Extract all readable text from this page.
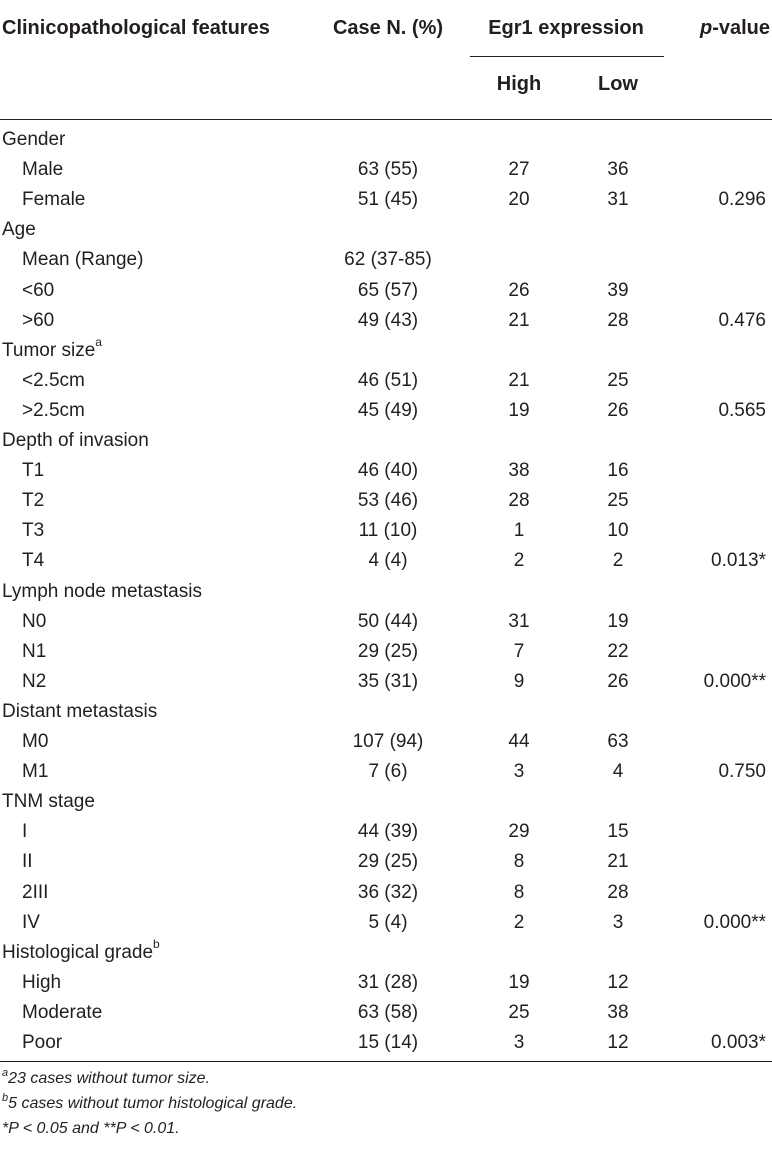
Clinicopathological features	Case N. (%)	Egr1 expression	p-value
High	Low
Gender
Male	63 (55)	27	36
Female	51 (45)	20	31	0.296
Age
Mean (Range)	62 (37-85)
<60	65 (57)	26	39
>60	49 (43)	21	28	0.476
Tumor size$^a$
<2.5cm	46 (51)	21	25
>2.5cm	45 (49)	19	26	0.565
Depth of invasion
T1	46 (40)	38	16
T2	53 (46)	28	25
T3	11 (10)	1	10
T4	4 (4)	2	2	0.013*
Lymph node metastasis
N0	50 (44)	31	19
N1	29 (25)	7	22
N2	35 (31)	9	26	0.000**
Distant metastasis
M0	107 (94)	44	63
M1	7 (6)	3	4	0.750
TNM stage
I	44 (39)	29	15
II	29 (25)	8	21
2III	36 (32)	8	28
IV	5 (4)	2	3	0.000**
Histological grade$^b$
High	31 (28)	19	12
Moderate	63 (58)	25	38
Poor	15 (14)	3	12	0.003*
$^a$23 cases without tumor size.
$^b$5 cases without tumor histological grade.
*P < 0.05 and **P < 0.01.
